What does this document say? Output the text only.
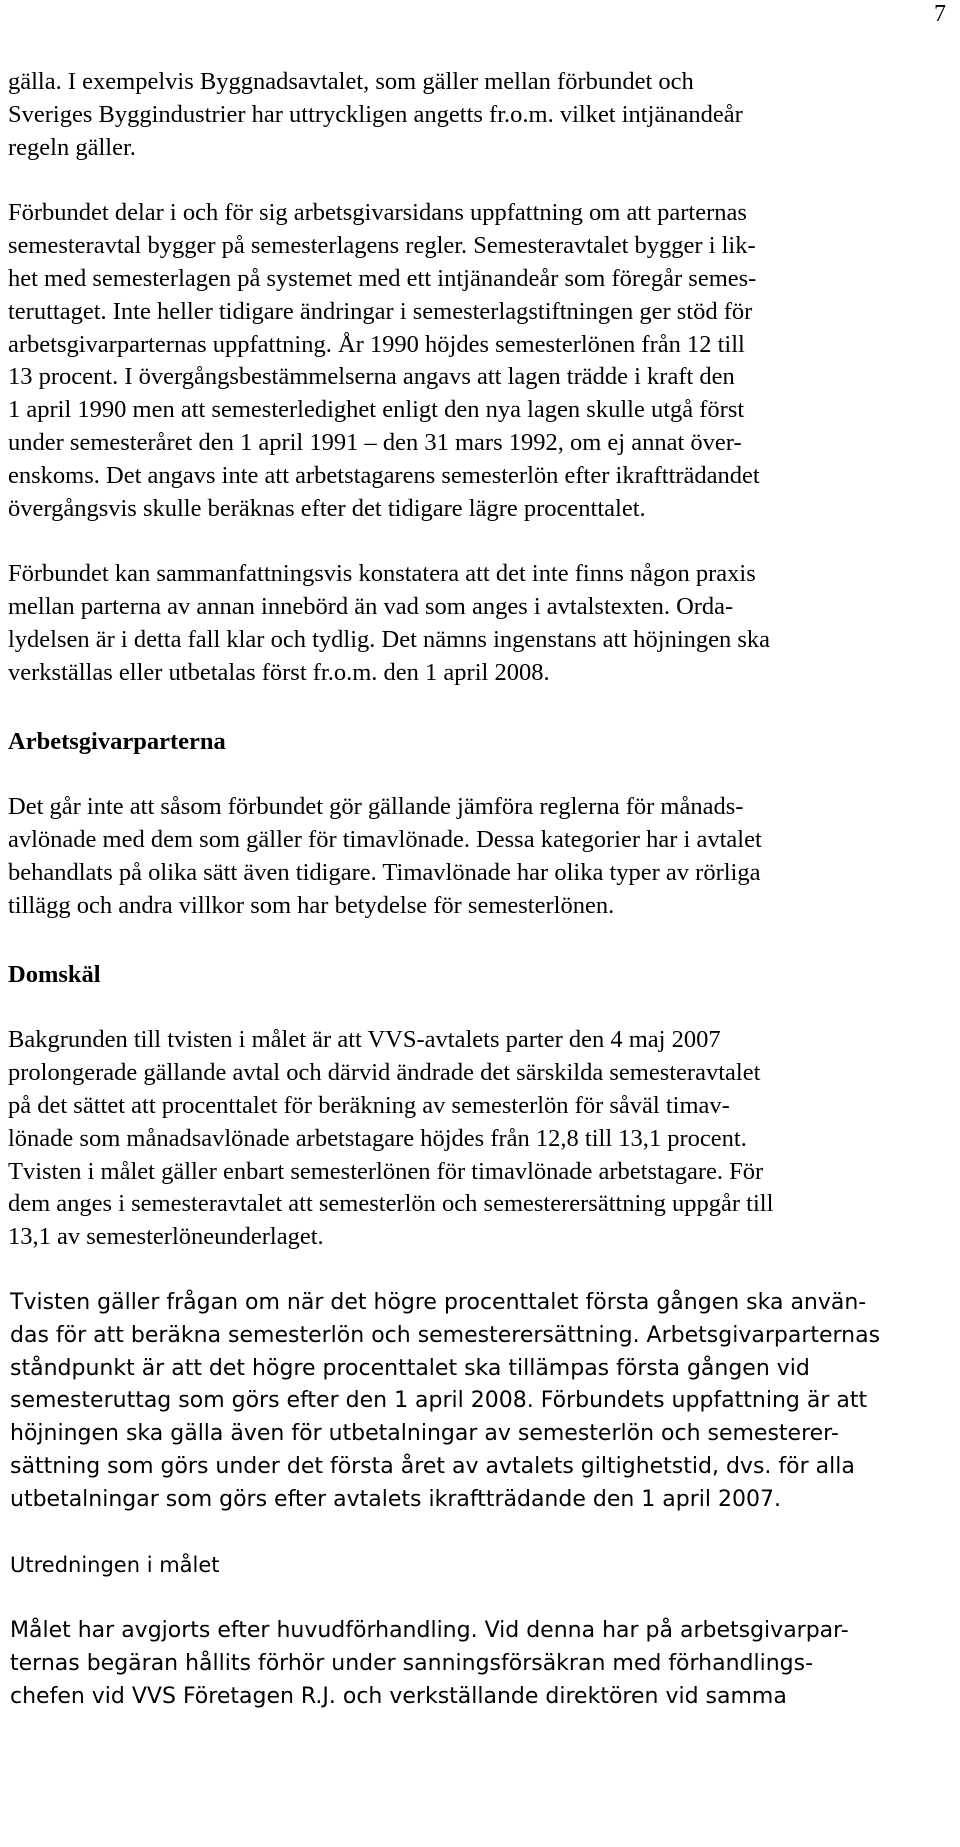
7

gälla. I exempelvis Byggnadsavtalet, som gäller mellan förbundet och
Sveriges Byggindustrier har uttryckligen angetts fr.o.m. vilket intjänandeår
regeln gäller.

Förbundet delar i och för sig arbetsgivarsidans uppfattning om att parternas
semesteravtal bygger på semesterlagens regler. Semesteravtalet bygger i lik-
het med semesterlagen på systemet med ett intjänandeår som föregår semes-
teruttaget. Inte heller tidigare ändringar i semesterlagstiftningen ger stöd för
arbetsgivarparternas uppfattning. År 1990 höjdes semesterlönen från 12 till
13 procent. I övergångsbestämmelserna angavs att lagen trädde i kraft den
1 april 1990 men att semesterledighet enligt den nya lagen skulle utgå först
under semesteråret den 1 april 1991 – den 31 mars 1992, om ej annat över-
enskoms. Det angavs inte att arbetstagarens semesterlön efter ikraftträdandet
övergångsvis skulle beräknas efter det tidigare lägre procenttalet.

Förbundet kan sammanfattningsvis konstatera att det inte finns någon praxis
mellan parterna av annan innebörd än vad som anges i avtalstexten. Orda-
lydelsen är i detta fall klar och tydlig. Det nämns ingenstans att höjningen ska
verkställas eller utbetalas först fr.o.m. den 1 april 2008.

Arbetsgivarparterna

Det går inte att såsom förbundet gör gällande jämföra reglerna för månads-
avlönade med dem som gäller för timavlönade. Dessa kategorier har i avtalet
behandlats på olika sätt även tidigare. Timavlönade har olika typer av rörliga
tillägg och andra villkor som har betydelse för semesterlönen.

Domskäl

Bakgrunden till tvisten i målet är att VVS-avtalets parter den 4 maj 2007
prolongerade gällande avtal och därvid ändrade det särskilda semesteravtalet
på det sättet att procenttalet för beräkning av semesterlön för såväl timav-
lönade som månadsavlönade arbetstagare höjdes från 12,8 till 13,1 procent.
Tvisten i målet gäller enbart semesterlönen för timavlönade arbetstagare. För
dem anges i semesteravtalet att semesterlön och semesterersättning uppgår till
13,1 av semesterlöneunderlaget.

Tvisten gäller frågan om när det högre procenttalet första gången ska använ-
das för att beräkna semesterlön och semesterersättning. Arbetsgivarparternas
ståndpunkt är att det högre procenttalet ska tillämpas första gången vid
semesteruttag som görs efter den 1 april 2008. Förbundets uppfattning är att
höjningen ska gälla även för utbetalningar av semesterlön och semesterer-
sättning som görs under det första året av avtalets giltighetstid, dvs. för alla
utbetalningar som görs efter avtalets ikraftträdande den 1 april 2007.

Utredningen i målet

Målet har avgjorts efter huvudförhandling. Vid denna har på arbetsgivarpar-
ternas begäran hållits förhör under sanningsförsäkran med förhandlings-
chefen vid VVS Företagen R.J. och verkställande direktören vid samma
